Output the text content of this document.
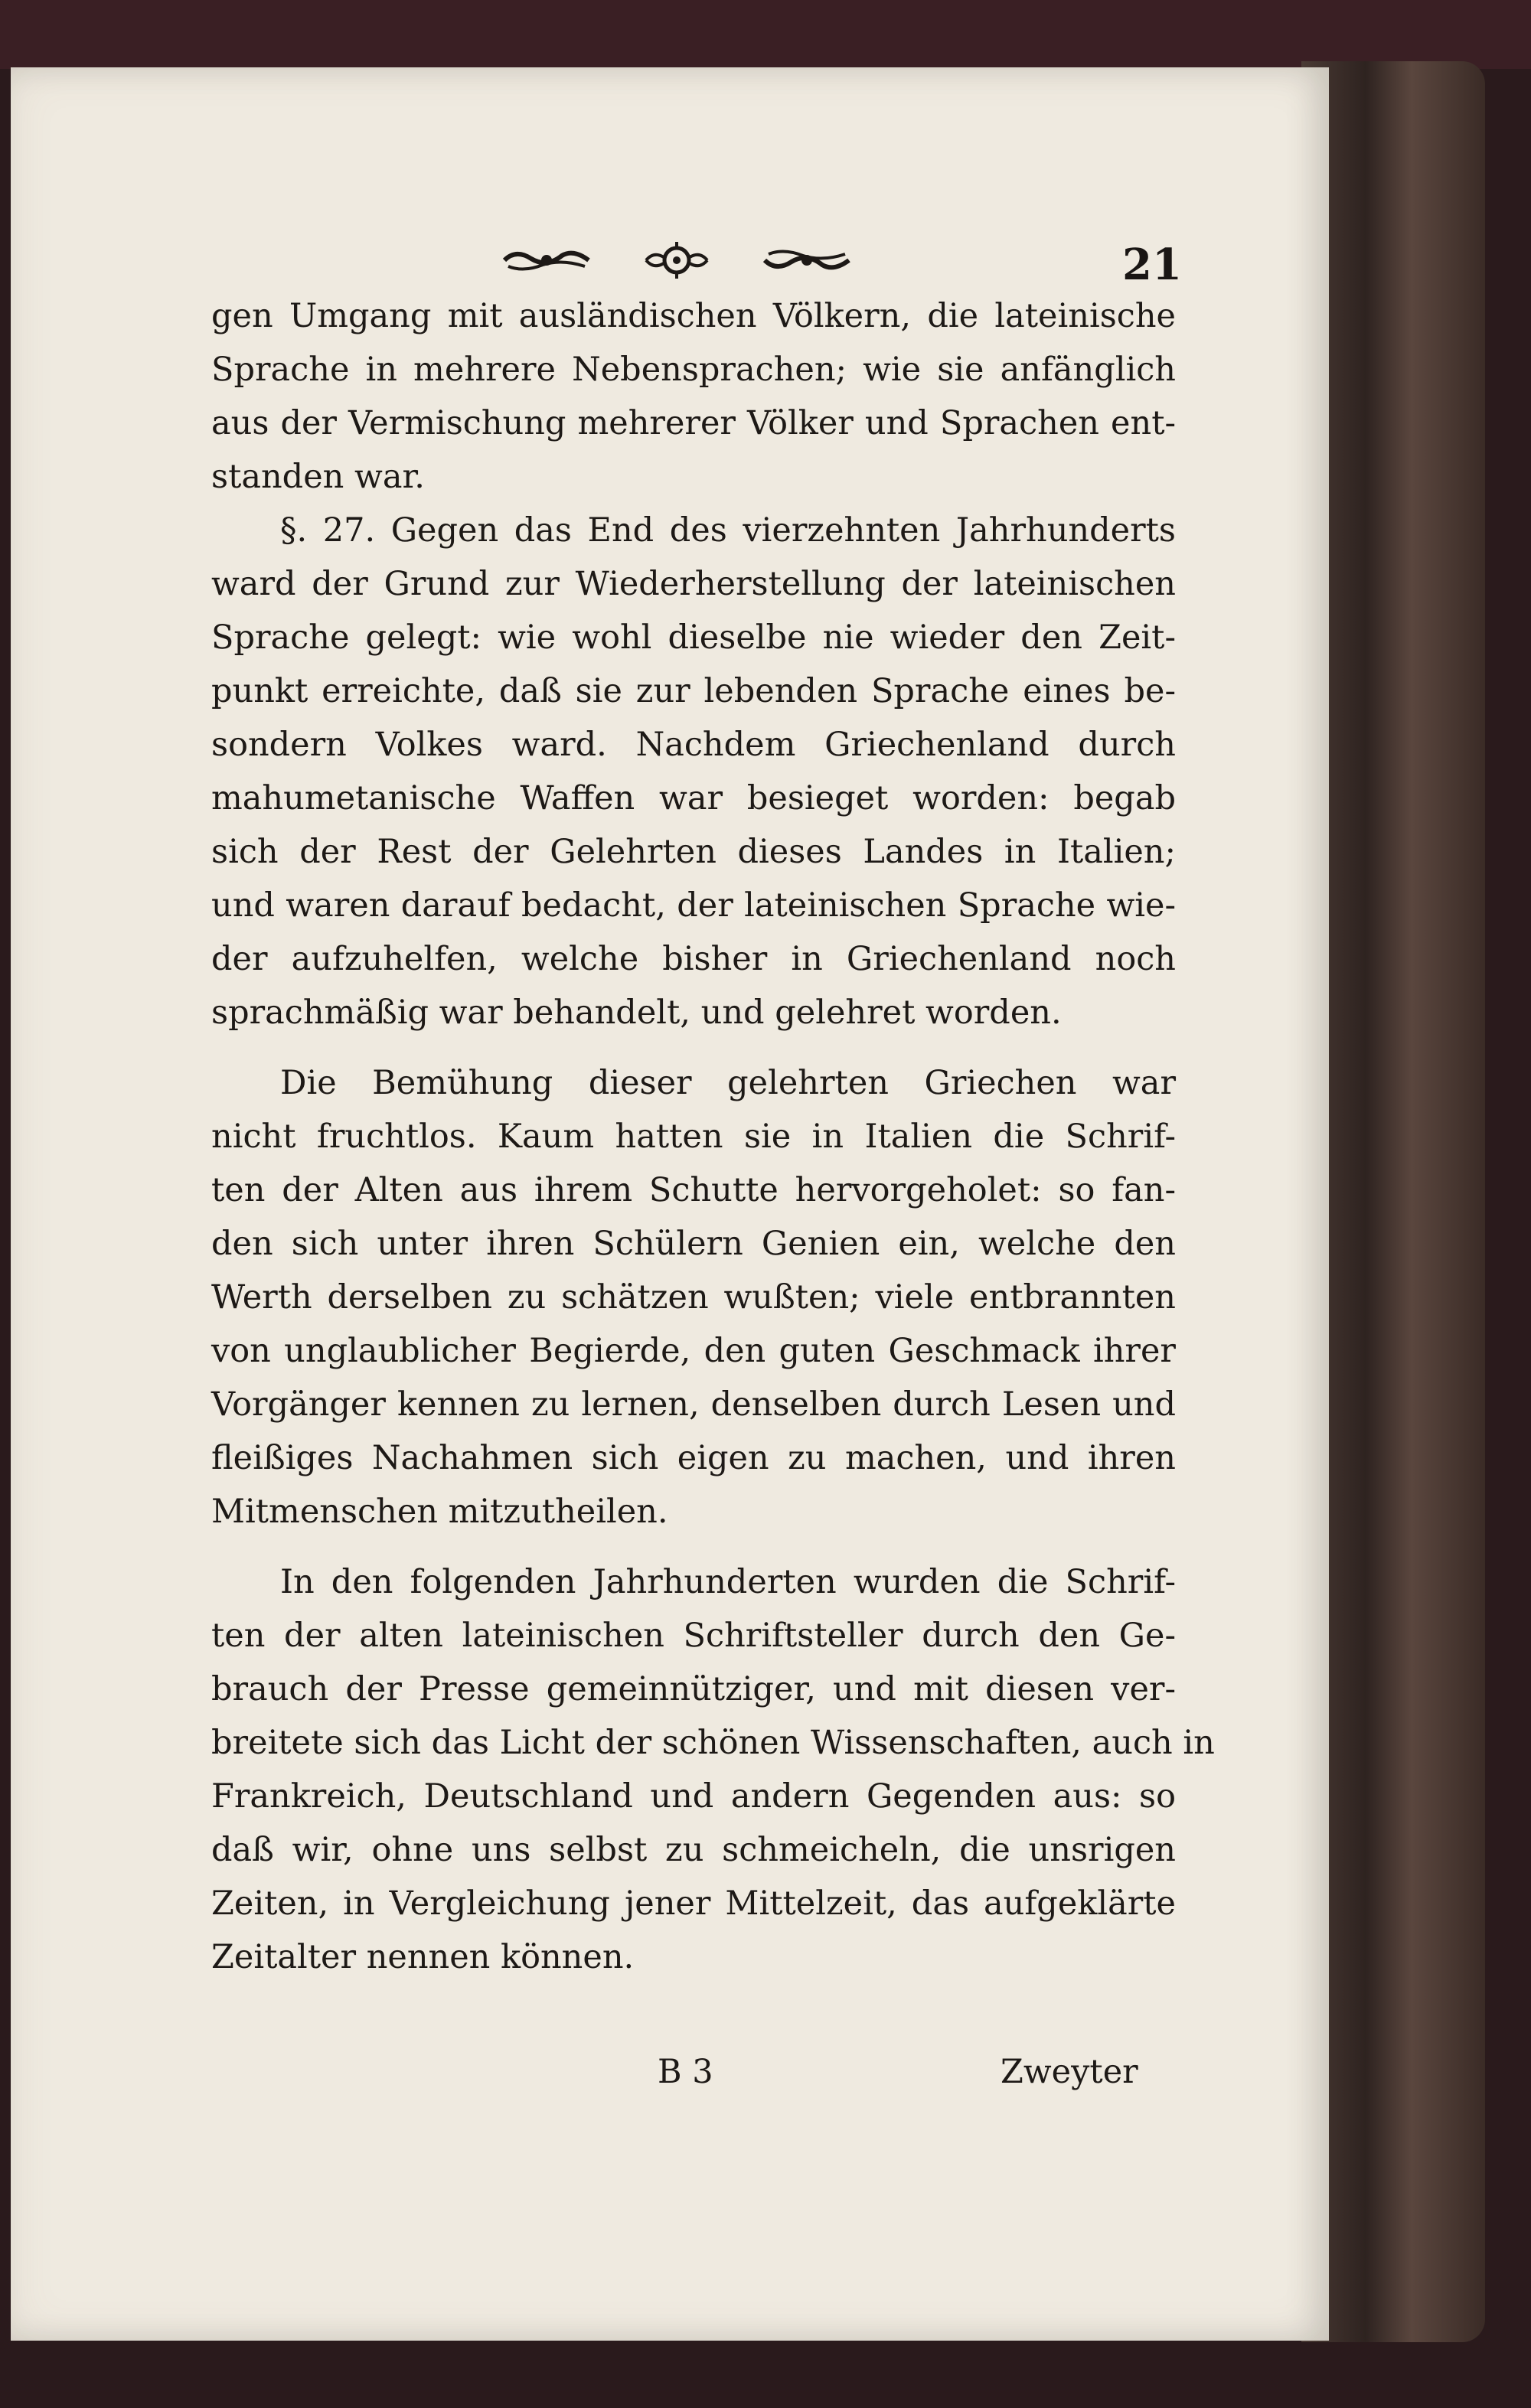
21
gen Umgang mit ausländischen Völkern, die lateinische
Sprache in mehrere Nebensprachen; wie sie anfänglich
aus der Vermischung mehrerer Völker und Sprachen ent-
standen war.
§. 27. Gegen das End des vierzehnten Jahrhunderts
ward der Grund zur Wiederherstellung der lateinischen
Sprache gelegt: wie wohl dieselbe nie wieder den Zeit-
punkt erreichte, daß sie zur lebenden Sprache eines be-
sondern Volkes ward. Nachdem Griechenland durch
mahumetanische Waffen war besieget worden: begab
sich der Rest der Gelehrten dieses Landes in Italien;
und waren darauf bedacht, der lateinischen Sprache wie-
der aufzuhelfen, welche bisher in Griechenland noch
sprachmäßig war behandelt, und gelehret worden.
Die Bemühung dieser gelehrten Griechen war
nicht fruchtlos. Kaum hatten sie in Italien die Schrif-
ten der Alten aus ihrem Schutte hervorgeholet: so fan-
den sich unter ihren Schülern Genien ein, welche den
Werth derselben zu schätzen wußten; viele entbrannten
von unglaublicher Begierde, den guten Geschmack ihrer
Vorgänger kennen zu lernen, denselben durch Lesen und
fleißiges Nachahmen sich eigen zu machen, und ihren
Mitmenschen mitzutheilen.
In den folgenden Jahrhunderten wurden die Schrif-
ten der alten lateinischen Schriftsteller durch den Ge-
brauch der Presse gemeinnütziger, und mit diesen ver-
breitete sich das Licht der schönen Wissenschaften, auch in
Frankreich, Deutschland und andern Gegenden aus: so
daß wir, ohne uns selbst zu schmeicheln, die unsrigen
Zeiten, in Vergleichung jener Mittelzeit, das aufgeklärte
Zeitalter nennen können.
B 3	Zweyter
